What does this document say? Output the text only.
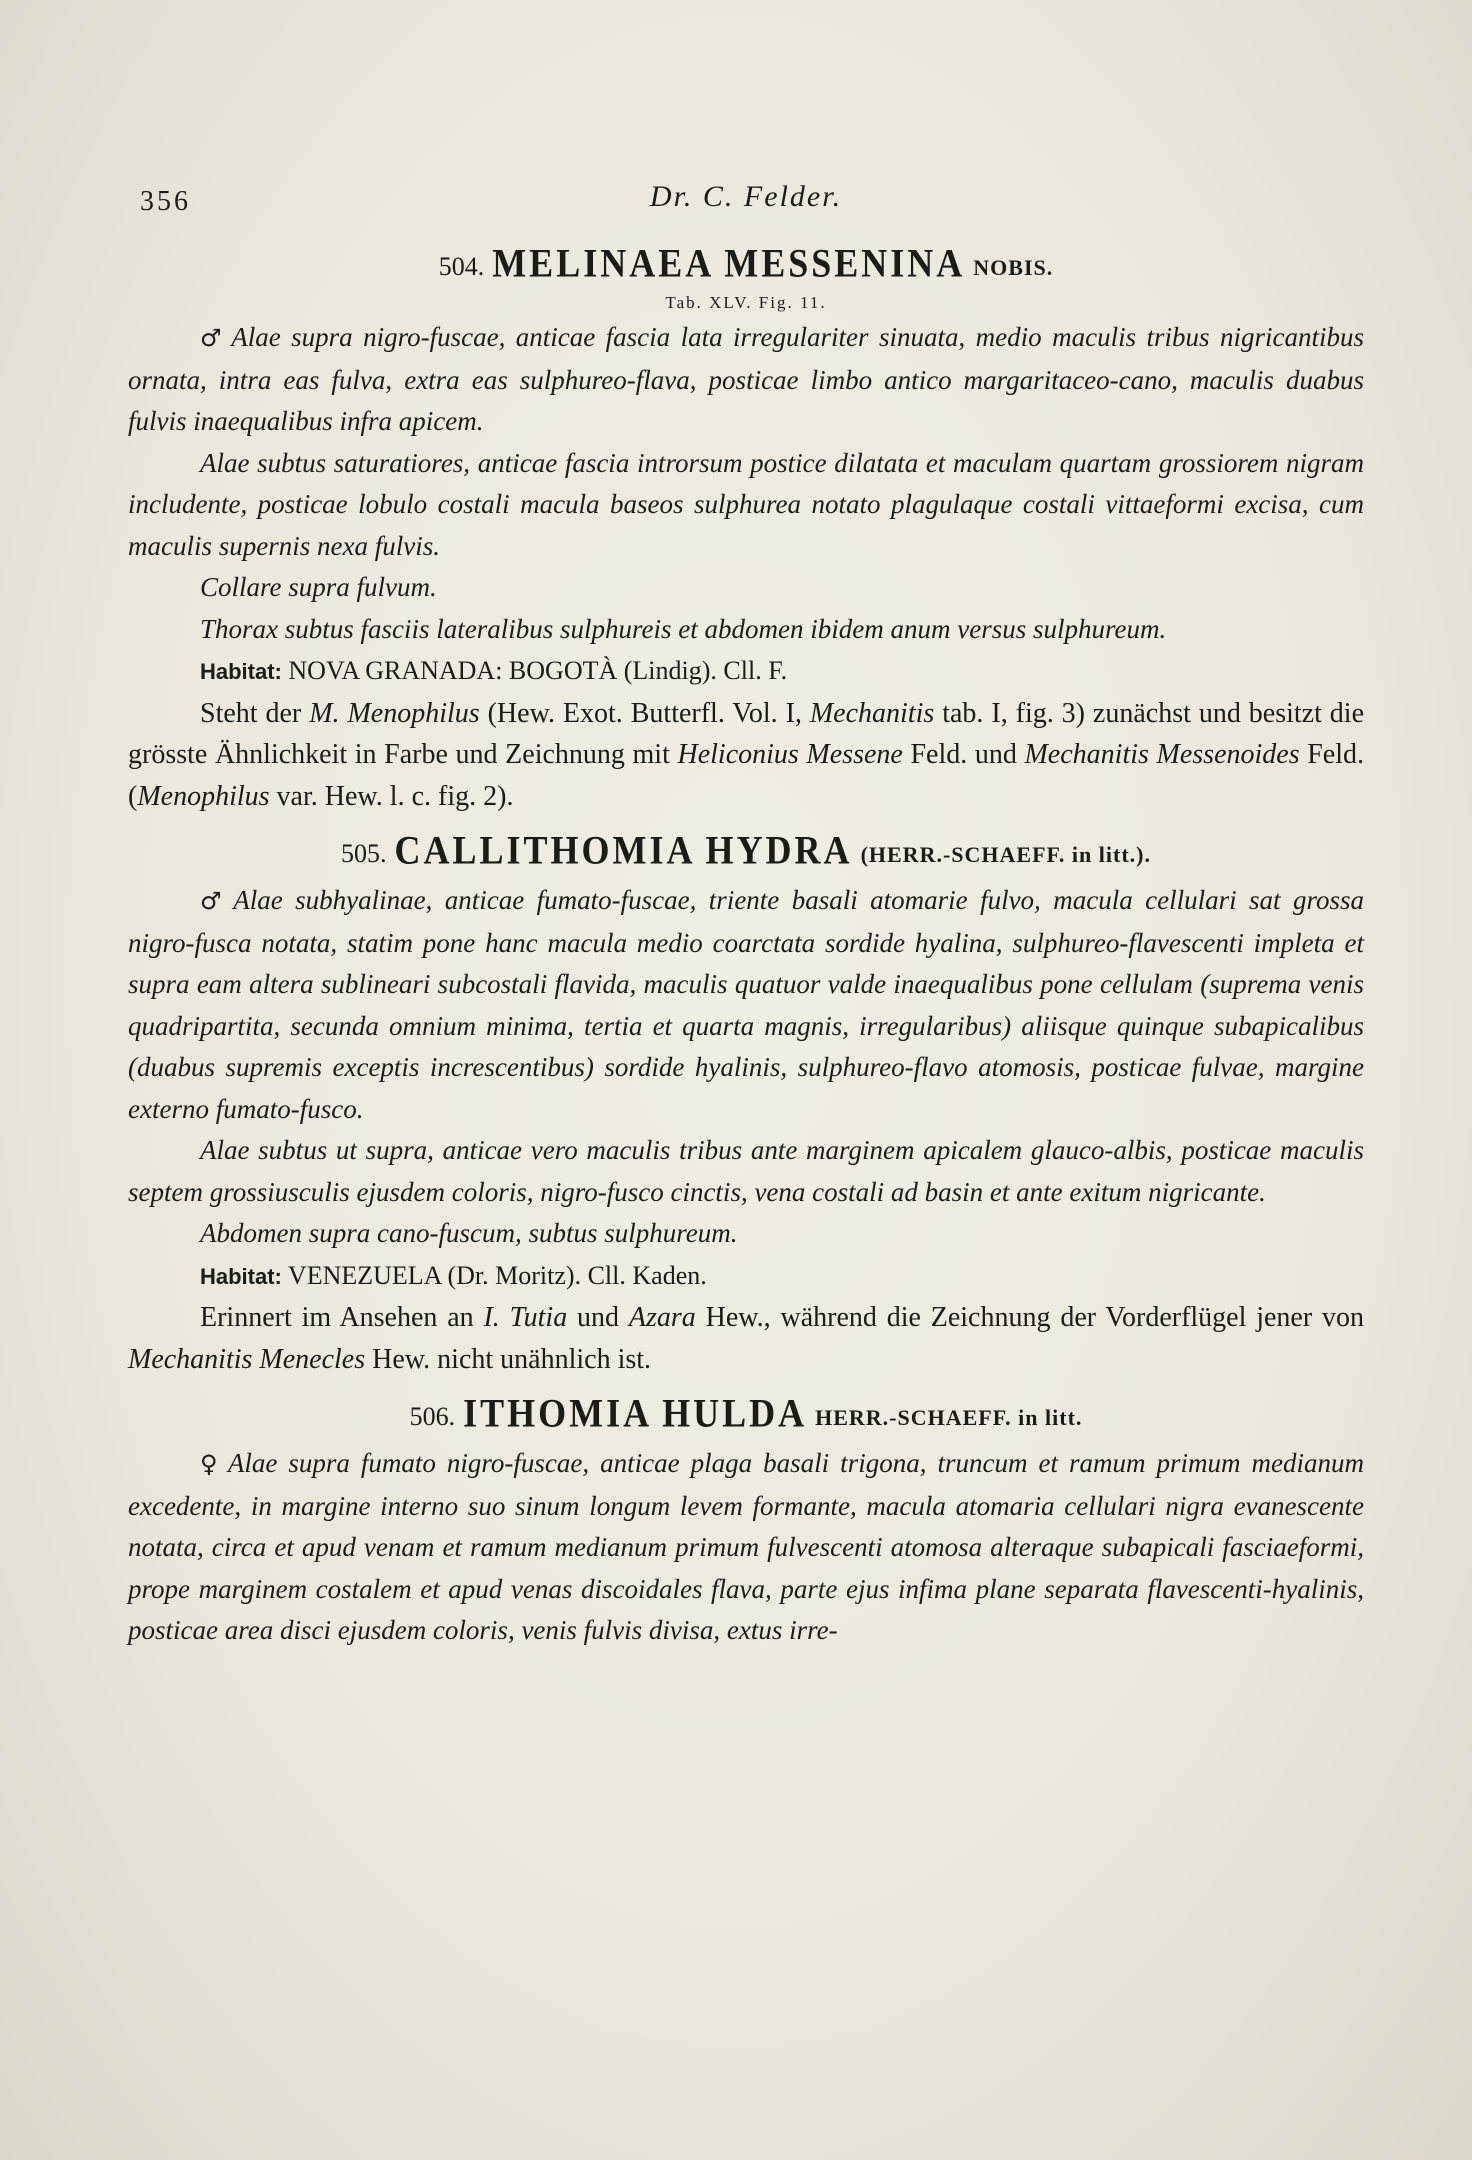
356	Dr. C. Felder.
504. MELINAEA MESSENINA NOBIS.
Tab. XLV. Fig. 11.

♂ Alae supra nigro-fuscae, anticae fascia lata irregulariter sinuata, medio maculis tribus nigricantibus ornata, intra eas fulva, extra eas sulphureo-flava, posticae limbo antico margaritaceo-cano, maculis duabus fulvis inaequalibus infra apicem.

Alae subtus saturatiores, anticae fascia introrsum postice dilatata et maculam quartam grossiorem nigram includente, posticae lobulo costali macula baseos sulphurea notato plagulaque costali vittaeformi excisa, cum maculis supernis nexa fulvis.

Collare supra fulvum.

Thorax subtus fasciis lateralibus sulphureis et abdomen ibidem anum versus sulphureum.

Habitat: NOVA GRANADA: BOGOTÀ (Lindig). Cll. F.

Steht der M. Menophilus (Hew. Exot. Butterfl. Vol. I, Mechanitis tab. I, fig. 3) zunächst und besitzt die grösste Ähnlichkeit in Farbe und Zeichnung mit Heliconius Messene Feld. und Mechanitis Messenoides Feld. (Menophilus var. Hew. l. c. fig. 2).

505. CALLITHOMIA HYDRA (HERR.-SCHAEFF. in litt.).

♂ Alae subhyalinae, anticae fumato-fuscae, triente basali atomarie fulvo, macula cellulari sat grossa nigro-fusca notata, statim pone hanc macula medio coarctata sordide hyalina, sulphureo-flavescenti impleta et supra eam altera sublineari subcostali flavida, maculis quatuor valde inaequalibus pone cellulam (suprema venis quadripartita, secunda omnium minima, tertia et quarta magnis, irregularibus) aliisque quinque subapicalibus (duabus supremis exceptis increscentibus) sordide hyalinis, sulphureo-flavo atomosis, posticae fulvae, margine externo fumato-fusco.

Alae subtus ut supra, anticae vero maculis tribus ante marginem apicalem glauco-albis, posticae maculis septem grossiusculis ejusdem coloris, nigro-fusco cinctis, vena costali ad basin et ante exitum nigricante.

Abdomen supra cano-fuscum, subtus sulphureum.

Habitat: VENEZUELA (Dr. Moritz). Cll. Kaden.

Erinnert im Ansehen an I. Tutia und Azara Hew., während die Zeichnung der Vorderflügel jener von Mechanitis Menecles Hew. nicht unähnlich ist.

506. ITHOMIA HULDA HERR.-SCHAEFF. in litt.

♀ Alae supra fumato nigro-fuscae, anticae plaga basali trigona, truncum et ramum primum medianum excedente, in margine interno suo sinum longum levem formante, macula atomaria cellulari nigra evanescente notata, circa et apud venam et ramum medianum primum fulvescenti atomosa alteraque subapicali fasciaeformi, prope marginem costalem et apud venas discoidales flava, parte ejus infima plane separata flavescenti-hyalinis, posticae area disci ejusdem coloris, venis fulvis divisa, extus irre-
